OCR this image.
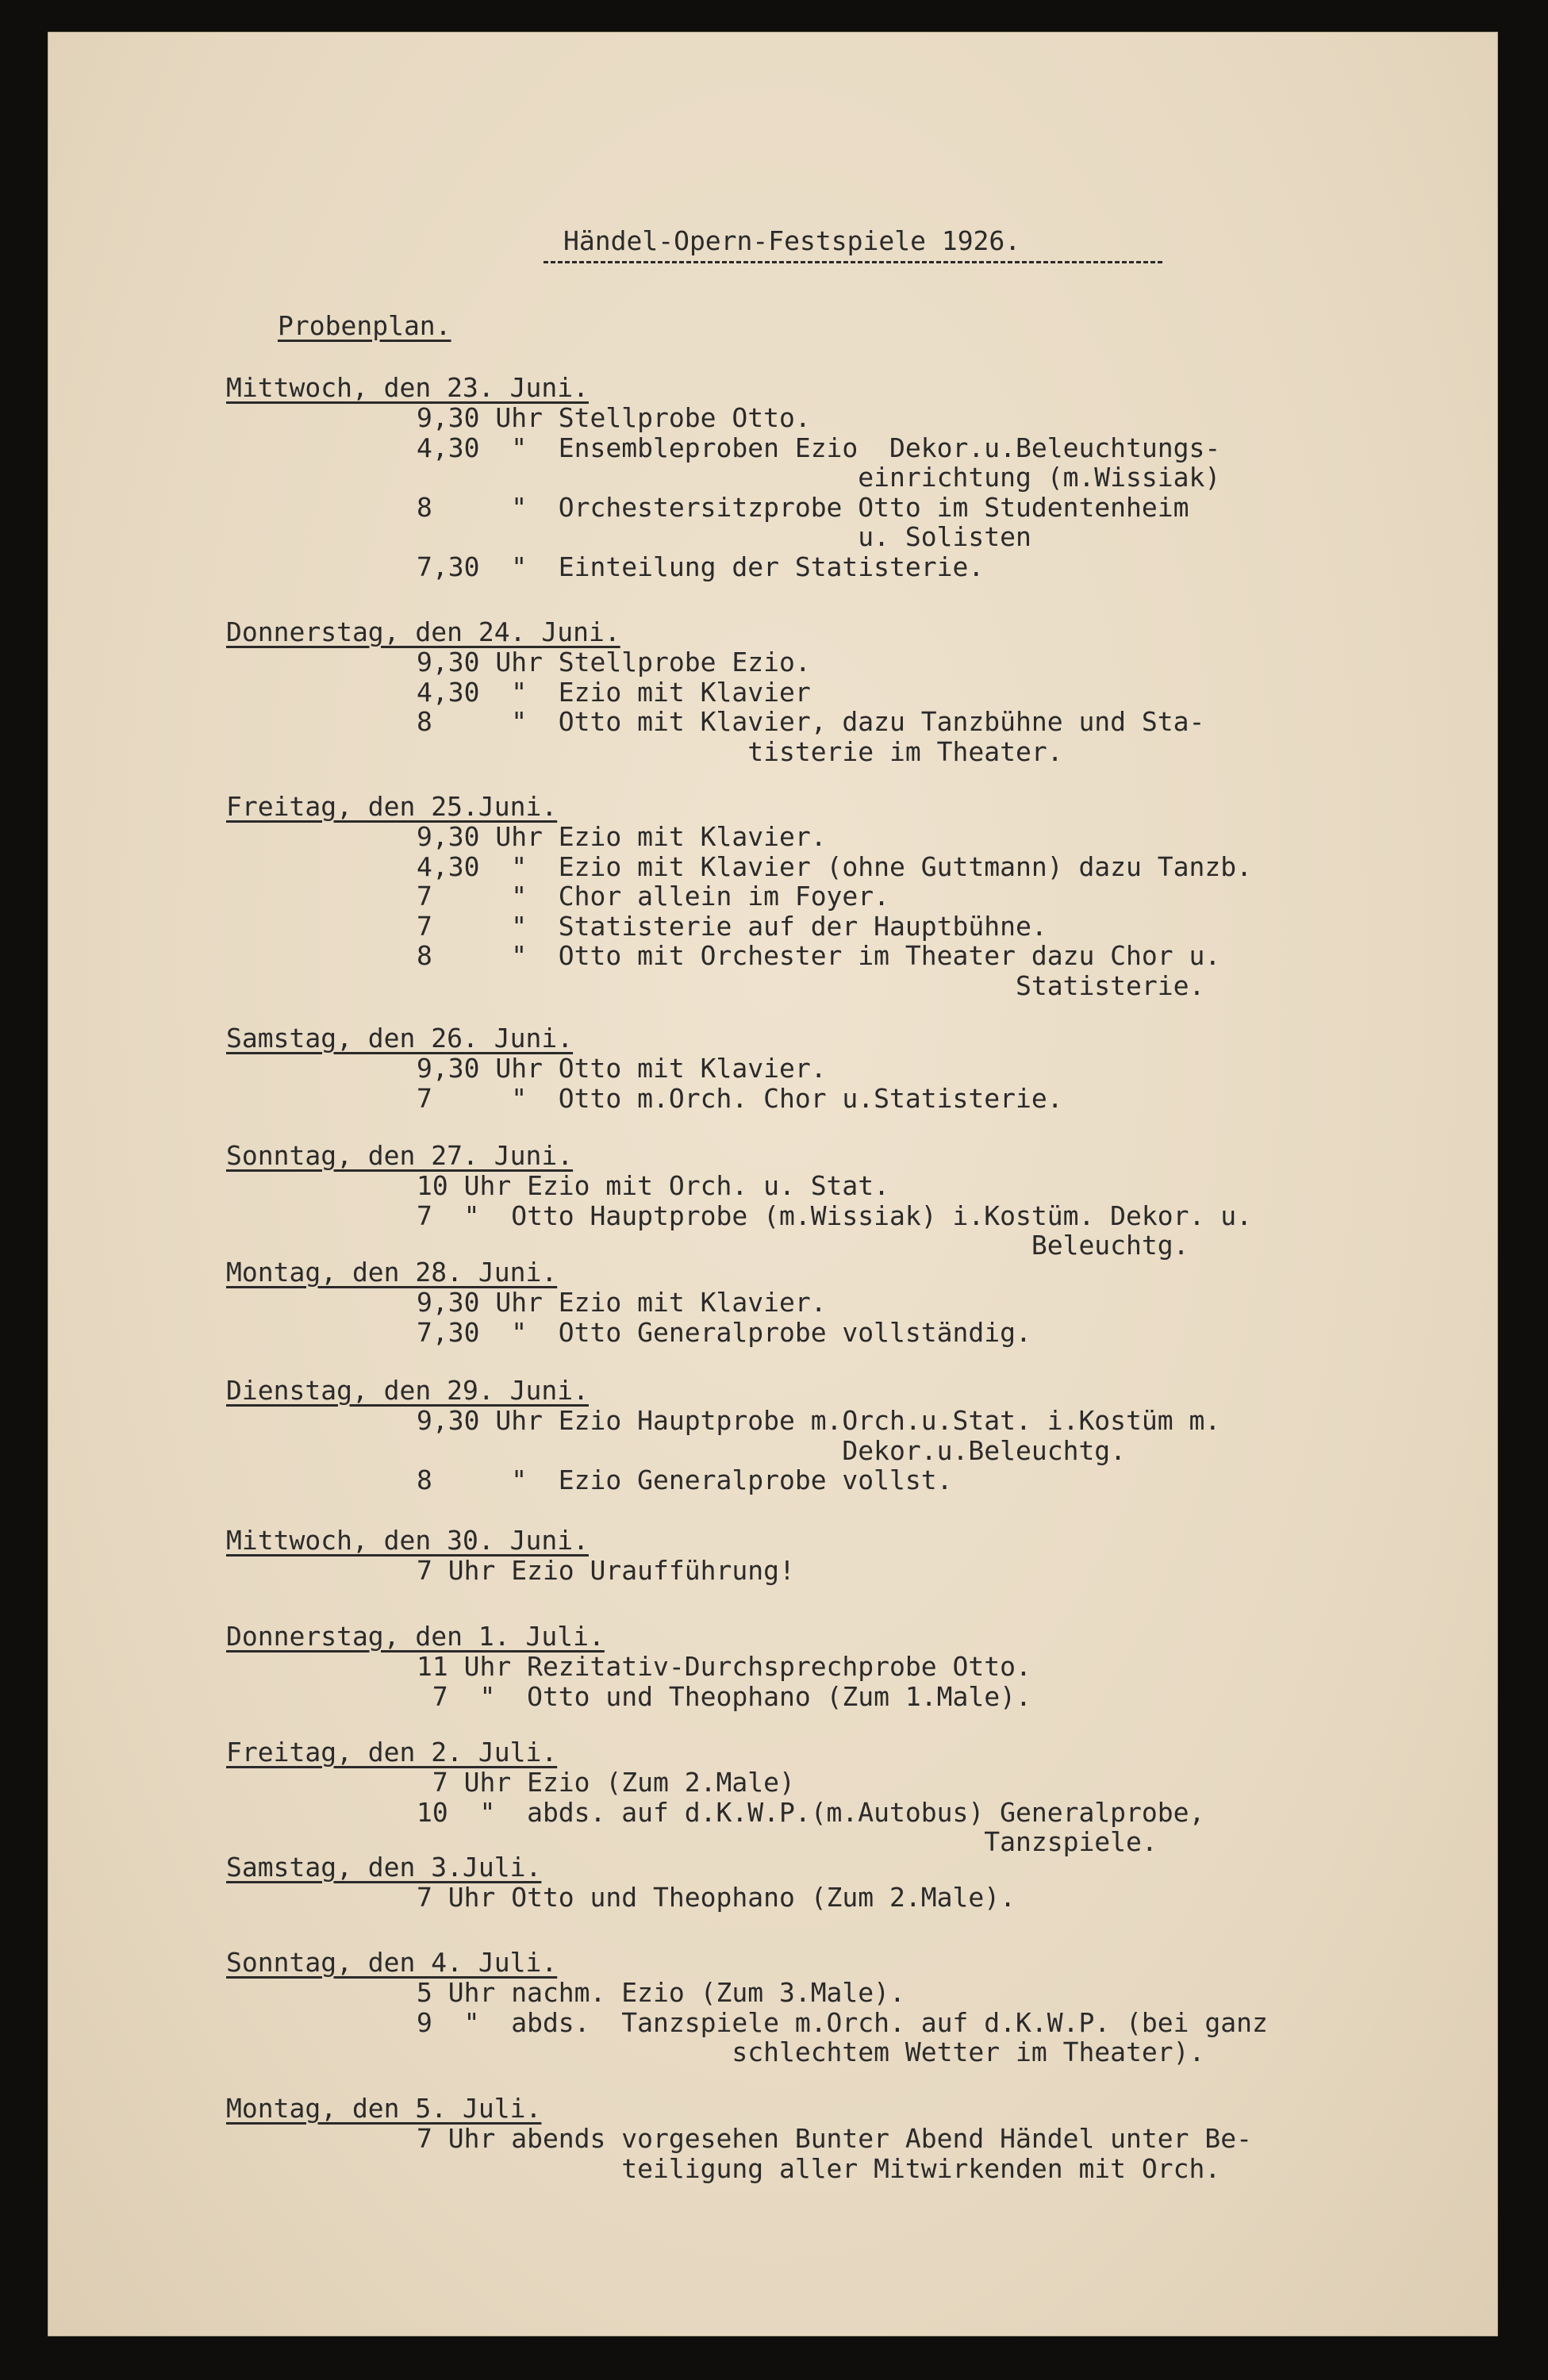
Händel-Opern-Festspiele 1926.
Probenplan.
Mittwoch, den 23. Juni.
9,30 Uhr Stellprobe Otto.
4,30  "  Ensembleproben Ezio  Dekor.u.Beleuchtungs-
einrichtung (m.Wissiak)
8     "  Orchestersitzprobe Otto im Studentenheim
u. Solisten
7,30  "  Einteilung der Statisterie.
Donnerstag, den 24. Juni.
9,30 Uhr Stellprobe Ezio.
4,30  "  Ezio mit Klavier
8     "  Otto mit Klavier, dazu Tanzbühne und Sta-
tisterie im Theater.
Freitag, den 25.Juni.
9,30 Uhr Ezio mit Klavier.
4,30  "  Ezio mit Klavier (ohne Guttmann) dazu Tanzb.
7     "  Chor allein im Foyer.
7     "  Statisterie auf der Hauptbühne.
8     "  Otto mit Orchester im Theater dazu Chor u.
Statisterie.
Samstag, den 26. Juni.
9,30 Uhr Otto mit Klavier.
7     "  Otto m.Orch. Chor u.Statisterie.
Sonntag, den 27. Juni.
10 Uhr Ezio mit Orch. u. Stat.
7  "  Otto Hauptprobe (m.Wissiak) i.Kostüm. Dekor. u.
Beleuchtg.
Montag, den 28. Juni.
9,30 Uhr Ezio mit Klavier.
7,30  "  Otto Generalprobe vollständig.
Dienstag, den 29. Juni.
9,30 Uhr Ezio Hauptprobe m.Orch.u.Stat. i.Kostüm m.
Dekor.u.Beleuchtg.
8     "  Ezio Generalprobe vollst.
Mittwoch, den 30. Juni.
7 Uhr Ezio Uraufführung!
Donnerstag, den 1. Juli.
11 Uhr Rezitativ-Durchsprechprobe Otto.
7  "  Otto und Theophano (Zum 1.Male).
Freitag, den 2. Juli.
7 Uhr Ezio (Zum 2.Male)
10  "  abds. auf d.K.W.P.(m.Autobus) Generalprobe,
Tanzspiele.
Samstag, den 3.Juli.
7 Uhr Otto und Theophano (Zum 2.Male).
Sonntag, den 4. Juli.
5 Uhr nachm. Ezio (Zum 3.Male).
9  "  abds.  Tanzspiele m.Orch. auf d.K.W.P. (bei ganz
schlechtem Wetter im Theater).
Montag, den 5. Juli.
7 Uhr abends vorgesehen Bunter Abend Händel unter Be-
teiligung aller Mitwirkenden mit Orch.
